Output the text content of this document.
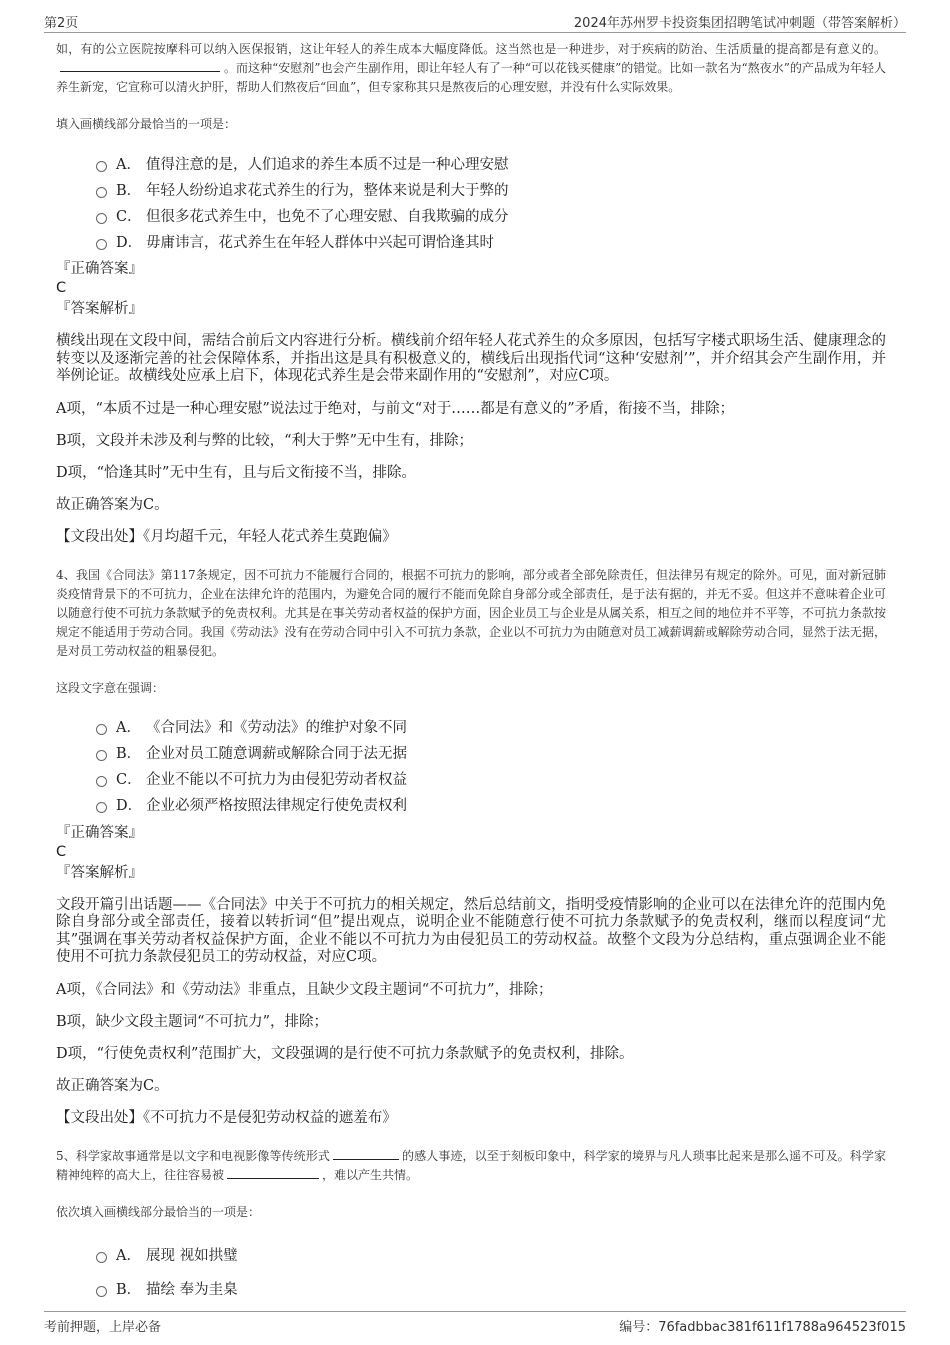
第2页	2024年苏州罗卡投资集团招聘笔试冲刺题（带答案解析）
如，有的公立医院按摩科可以纳入医保报销，这让年轻人的养生成本大幅度降低。这当然也是一种进步，对于疾病的防治、生活质量的提高都是有意义的。。而这种“安慰剂”也会产生副作用，即让年轻人有了一种“可以花钱买健康”的错觉。比如一款名为“熬夜水”的产品成为年轻人养生新宠，它宣称可以清火护肝，帮助人们熬夜后“回血”，但专家称其只是熬夜后的心理安慰，并没有什么实际效果。
填入画横线部分最恰当的一项是：
A． 值得注意的是，人们追求的养生本质不过是一种心理安慰
B． 年轻人纷纷追求花式养生的行为，整体来说是利大于弊的
C． 但很多花式养生中，也免不了心理安慰、自我欺骗的成分
D． 毋庸讳言，花式养生在年轻人群体中兴起可谓恰逢其时
『正确答案』
C
『答案解析』
横线出现在文段中间，需结合前后文内容进行分析。横线前介绍年轻人花式养生的众多原因，包括写字楼式职场生活、健康理念的转变以及逐渐完善的社会保障体系，并指出这是具有积极意义的，横线后出现指代词“这种‘安慰剂’”，并介绍其会产生副作用，并举例论证。故横线处应承上启下，体现花式养生是会带来副作用的“安慰剂”，对应C项。
A项，“本质不过是一种心理安慰”说法过于绝对，与前文“对于……都是有意义的”矛盾，衔接不当，排除；
B项，文段并未涉及利与弊的比较，“利大于弊”无中生有，排除；
D项，“恰逢其时”无中生有，且与后文衔接不当，排除。
故正确答案为C。
【文段出处】《月均超千元，年轻人花式养生莫跑偏》
4、我国《合同法》第117条规定，因不可抗力不能履行合同的，根据不可抗力的影响，部分或者全部免除责任，但法律另有规定的除外。可见，面对新冠肺炎疫情背景下的不可抗力，企业在法律允许的范围内，为避免合同的履行不能而免除自身部分或全部责任，是于法有据的，并无不妥。但这并不意味着企业可以随意行使不可抗力条款赋予的免责权利。尤其是在事关劳动者权益的保护方面，因企业员工与企业是从属关系，相互之间的地位并不平等，不可抗力条款按规定不能适用于劳动合同。我国《劳动法》没有在劳动合同中引入不可抗力条款，企业以不可抗力为由随意对员工减薪调薪或解除劳动合同，显然于法无据，是对员工劳动权益的粗暴侵犯。
这段文字意在强调：
A． 《合同法》和《劳动法》的维护对象不同
B． 企业对员工随意调薪或解除合同于法无据
C． 企业不能以不可抗力为由侵犯劳动者权益
D． 企业必须严格按照法律规定行使免责权利
『正确答案』
C
『答案解析』
文段开篇引出话题——《合同法》中关于不可抗力的相关规定，然后总结前文，指明受疫情影响的企业可以在法律允许的范围内免除自身部分或全部责任，接着以转折词“但”提出观点，说明企业不能随意行使不可抗力条款赋予的免责权利，继而以程度词“尤其”强调在事关劳动者权益保护方面，企业不能以不可抗力为由侵犯员工的劳动权益。故整个文段为分总结构，重点强调企业不能使用不可抗力条款侵犯员工的劳动权益，对应C项。
A项，《合同法》和《劳动法》非重点，且缺少文段主题词“不可抗力”，排除；
B项，缺少文段主题词“不可抗力”，排除；
D项，“行使免责权利”范围扩大，文段强调的是行使不可抗力条款赋予的免责权利，排除。
故正确答案为C。
【文段出处】《不可抗力不是侵犯劳动权益的遮羞布》
5、科学家故事通常是以文字和电视影像等传统形式	的感人事迹，以至于刻板印象中，科学家的境界与凡人琐事比起来是那么遥不可及。科学家精神纯粹的高大上，往往容易被	，难以产生共情。
依次填入画横线部分最恰当的一项是：
A． 展现 视如拱璧
B． 描绘 奉为圭臬
考前押题，上岸必备	编号：76fadbbac381f611f1788a964523f015
